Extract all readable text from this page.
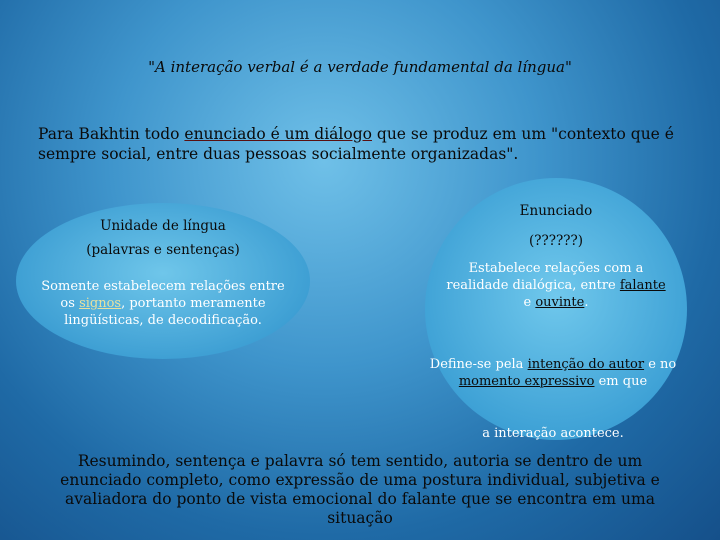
"A interação verbal é a verdade fundamental da língua"
Para Bakhtin todo enunciado é um diálogo que se produz em um "contexto que é sempre social, entre duas pessoas socialmente organizadas".
Unidade de língua
(palavras e sentenças)
Somente estabelecem relações entre os signos, portanto meramente lingüísticas, de decodificação.
Enunciado
(??????)
Estabelece relações com a realidade dialógica, entre falante e ouvinte.
Define-se pela intenção do autor e no momento expressivo em que
a interação acontece.
Resumindo, sentença e palavra só tem sentido, autoria se dentro de um enunciado completo, como expressão de uma postura individual, subjetiva e avaliadora do ponto de vista emocional do falante que se encontra em uma situação
